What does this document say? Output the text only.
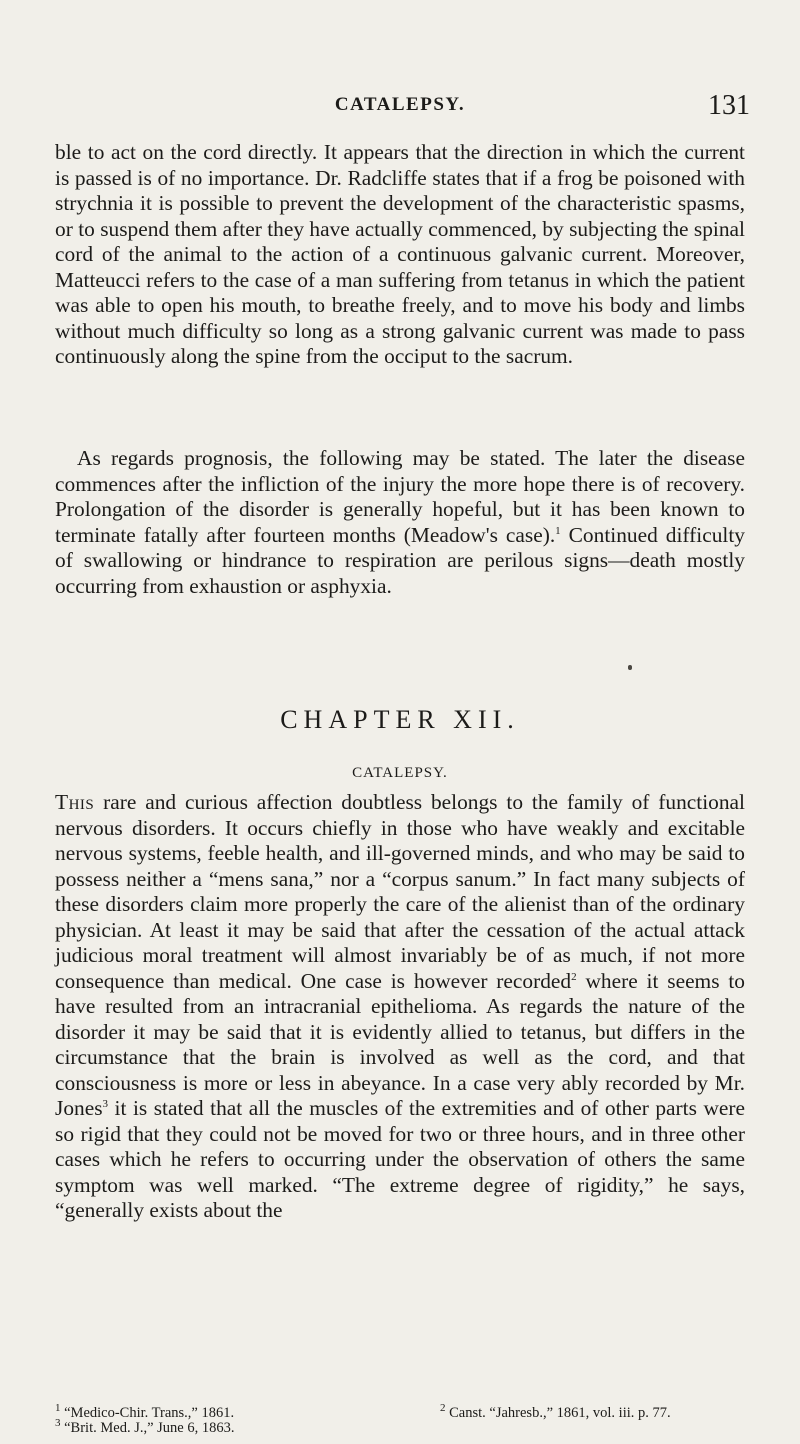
CATALEPSY.	131
ble to act on the cord directly. It appears that the direction in which the current is passed is of no importance. Dr. Radcliffe states that if a frog be poisoned with strychnia it is possible to prevent the development of the characteristic spasms, or to suspend them after they have actually commenced, by subjecting the spinal cord of the animal to the action of a continuous galvanic current. Moreover, Matteucci refers to the case of a man suffering from tetanus in which the patient was able to open his mouth, to breathe freely, and to move his body and limbs without much difficulty so long as a strong galvanic current was made to pass continuously along the spine from the occiput to the sacrum.
As regards prognosis, the following may be stated. The later the disease commences after the infliction of the injury the more hope there is of recovery. Prolongation of the disorder is generally hopeful, but it has been known to terminate fatally after fourteen months (Meadow's case).$^1$ Continued difficulty of swallowing or hindrance to respiration are perilous signs—death mostly occurring from exhaustion or asphyxia.
CHAPTER XII.
CATALEPSY.
This rare and curious affection doubtless belongs to the family of functional nervous disorders. It occurs chiefly in those who have weakly and excitable nervous systems, feeble health, and ill-governed minds, and who may be said to possess neither a “mens sana,” nor a “corpus sanum.” In fact many subjects of these disorders claim more properly the care of the alienist than of the ordinary physician. At least it may be said that after the cessation of the actual attack judicious moral treatment will almost invariably be of as much, if not more consequence than medical. One case is however recorded$^2$ where it seems to have resulted from an intracranial epithelioma. As regards the nature of the disorder it may be said that it is evidently allied to tetanus, but differs in the circumstance that the brain is involved as well as the cord, and that consciousness is more or less in abeyance. In a case very ably recorded by Mr. Jones$^3$ it is stated that all the muscles of the extremities and of other parts were so rigid that they could not be moved for two or three hours, and in three other cases which he refers to occurring under the observation of others the same symptom was well marked. “The extreme degree of rigidity,” he says, “generally exists about the
$^1$ “Medico-Chir. Trans.,” 1861.	$^2$ Canst. “Jahresb.,” 1861, vol. iii. p. 77.
$^3$ “Brit. Med. J.,” June 6, 1863.
